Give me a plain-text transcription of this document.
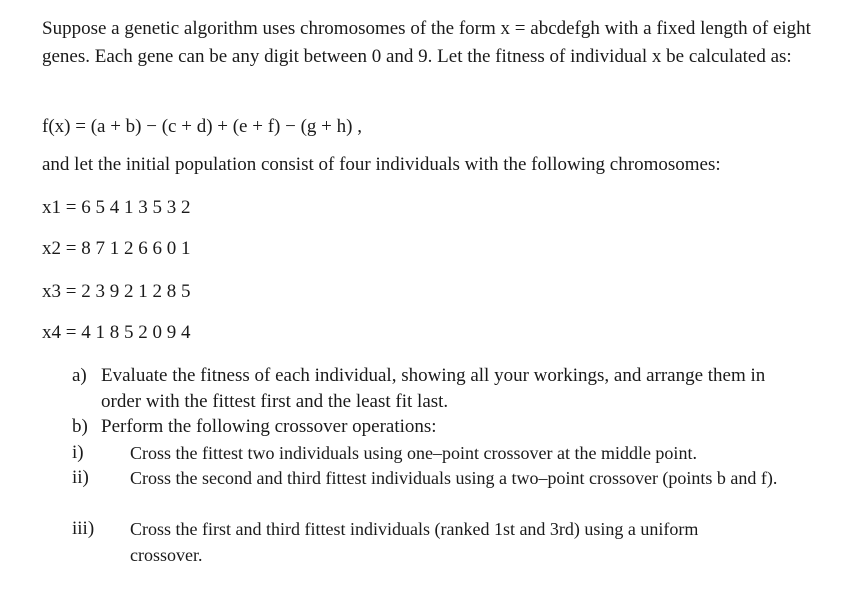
Suppose a genetic algorithm uses chromosomes of the form x = abcdefgh with a fixed length of eight genes. Each gene can be any digit between 0 and 9. Let the fitness of individual x be calculated as:

f(x) = (a + b) − (c + d) + (e + f) − (g + h) ,

and let the initial population consist of four individuals with the following chromosomes:

x1 = 6 5 4 1 3 5 3 2

x2 = 8 7 1 2 6 6 0 1

x3 = 2 3 9 2 1 2 8 5

x4 = 4 1 8 5 2 0 9 4

a) Evaluate the fitness of each individual, showing all your workings, and arrange them in order with the fittest first and the least fit last.

b) Perform the following crossover operations:

i)	Cross the fittest two individuals using one–point crossover at the middle point.

ii) Cross the second and third fittest individuals using a two–point crossover (points b and f).

iii) Cross the first and third fittest individuals (ranked 1st and 3rd) using a uniform crossover.
